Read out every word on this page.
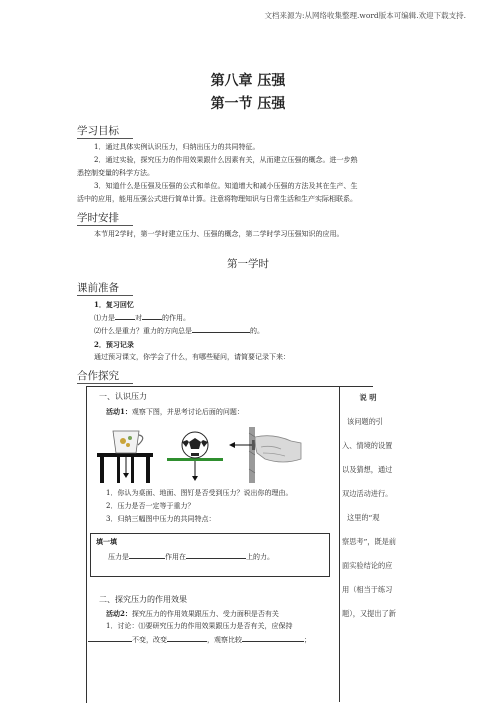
文档来源为:从网络收集整理.word版本可编辑.欢迎下载支持.
第八章 压强
第一节 压强
学习目标
1．通过具体实例认识压力，归纳出压力的共同特征。
2．通过实验，探究压力的作用效果跟什么因素有关，从而建立压强的概念。进一步熟
悉控制变量的科学方法。
3．知道什么是压强及压强的公式和单位。知道增大和减小压强的方法及其在生产、生
活中的应用，能用压强公式进行简单计算。注意将物理知识与日常生活和生产实际相联系。
学时安排
本节用2学时，第一学时建立压力、压强的概念，第二学时学习压强知识的应用。
第一学时
课前准备
1．复习回忆
⑴力是	对	的作用。
⑵什么是重力？重力的方向总是	的。
2．预习记录
通过预习课文，你学会了什么，有哪些疑问，请简要记录下来：
合作探究
一、认识压力
活动1：观察下图，并思考讨论后面的问题：
1．你认为桌面、地面、图钉是否受到压力？说出你的理由。
2．压力是否一定等于重力？
3．归纳三幅图中压力的共同特点：
填一填
压力是	作用在	上的力。
二、探究压力的作用效果
活动2：探究压力的作用效果跟压力、受力面积是否有关
1．讨论：⑴要研究压力的作用效果跟压力是否有关，应保持
不变，改变	，观察比较	；
说 明
该问题的引
入、情境的设置
以及猜想，通过
双边活动进行。
这里的“观
察思考”，既是前
面实验结论的应
用（相当于练习
题），又提出了新
